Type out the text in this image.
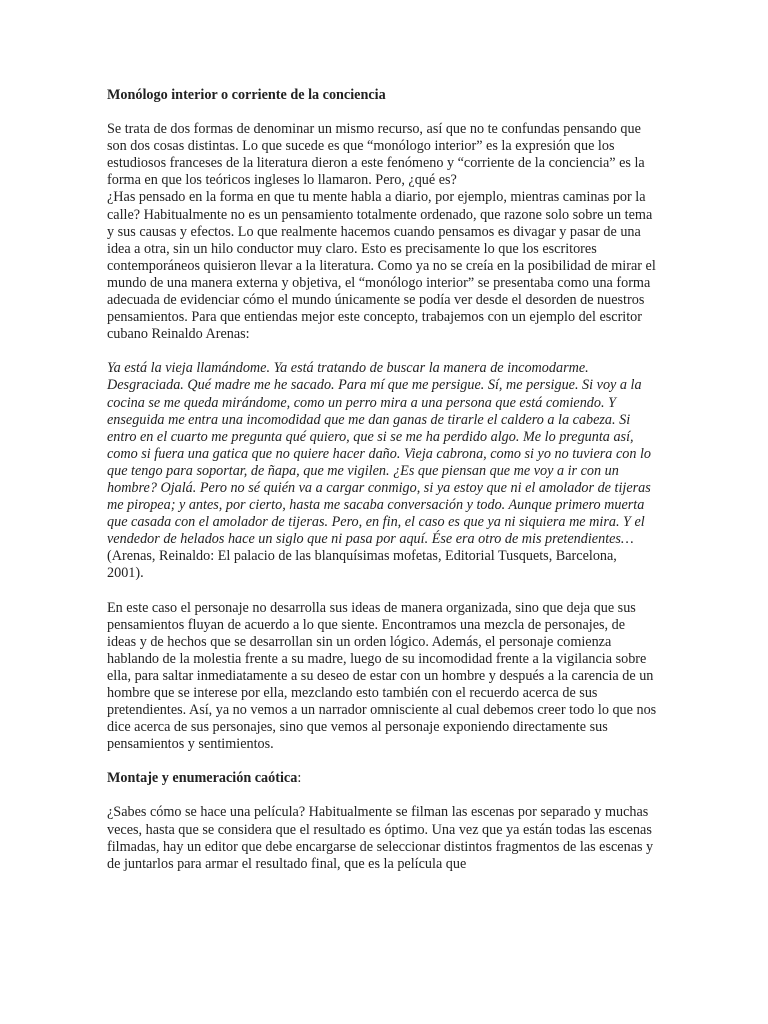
Monólogo interior o corriente de la conciencia

Se trata de dos formas de denominar un mismo recurso, así que no te confundas pensando que son dos cosas distintas. Lo que sucede es que “monólogo interior” es la expresión que los estudiosos franceses de la literatura dieron a este fenómeno y “corriente de la conciencia” es la forma en que los teóricos ingleses lo llamaron. Pero, ¿qué es?

¿Has pensado en la forma en que tu mente habla a diario, por ejemplo, mientras caminas por la calle? Habitualmente no es un pensamiento totalmente ordenado, que razone solo sobre un tema y sus causas y efectos. Lo que realmente hacemos cuando pensamos es divagar y pasar de una idea a otra, sin un hilo conductor muy claro. Esto es precisamente lo que los escritores contemporáneos quisieron llevar a la literatura. Como ya no se creía en la posibilidad de mirar el mundo de una manera externa y objetiva, el “monólogo interior” se presentaba como una forma adecuada de evidenciar cómo el mundo únicamente se podía ver desde el desorden de nuestros pensamientos. Para que entiendas mejor este concepto, trabajemos con un ejemplo del escritor cubano Reinaldo Arenas:

Ya está la vieja llamándome. Ya está tratando de buscar la manera de incomodarme. Desgraciada. Qué madre me he sacado. Para mí que me persigue. Sí, me persigue. Si voy a la cocina se me queda mirándome, como un perro mira a una persona que está comiendo. Y enseguida me entra una incomodidad que me dan ganas de tirarle el caldero a la cabeza. Si entro en el cuarto me pregunta qué quiero, que si se me ha perdido algo. Me lo pregunta así, como si fuera una gatica que no quiere hacer daño. Vieja cabrona, como si yo no tuviera con lo que tengo para soportar, de ñapa, que me vigilen. ¿Es que piensan que me voy a ir con un hombre? Ojalá. Pero no sé quién va a cargar conmigo, si ya estoy que ni el amolador de tijeras me piropea; y antes, por cierto, hasta me sacaba conversación y todo. Aunque primero muerta que casada con el amolador de tijeras. Pero, en fin, el caso es que ya ni siquiera me mira. Y el vendedor de helados hace un siglo que ni pasa por aquí. Ése era otro de mis pretendientes…
(Arenas, Reinaldo: El palacio de las blanquísimas mofetas, Editorial Tusquets, Barcelona, 2001).

En este caso el personaje no desarrolla sus ideas de manera organizada, sino que deja que sus pensamientos fluyan de acuerdo a lo que siente. Encontramos una mezcla de personajes, de ideas y de hechos que se desarrollan sin un orden lógico. Además, el personaje comienza hablando de la molestia frente a su madre, luego de su incomodidad frente a la vigilancia sobre ella, para saltar inmediatamente a su deseo de estar con un hombre y después a la carencia de un hombre que se interese por ella, mezclando esto también con el recuerdo acerca de sus pretendientes. Así, ya no vemos a un narrador omnisciente al cual debemos creer todo lo que nos dice acerca de sus personajes, sino que vemos al personaje exponiendo directamente sus pensamientos y sentimientos.

Montaje y enumeración caótica:

¿Sabes cómo se hace una película? Habitualmente se filman las escenas por separado y muchas veces, hasta que se considera que el resultado es óptimo. Una vez que ya están todas las escenas filmadas, hay un editor que debe encargarse de seleccionar distintos fragmentos de las escenas y de juntarlos para armar el resultado final, que es la película que
